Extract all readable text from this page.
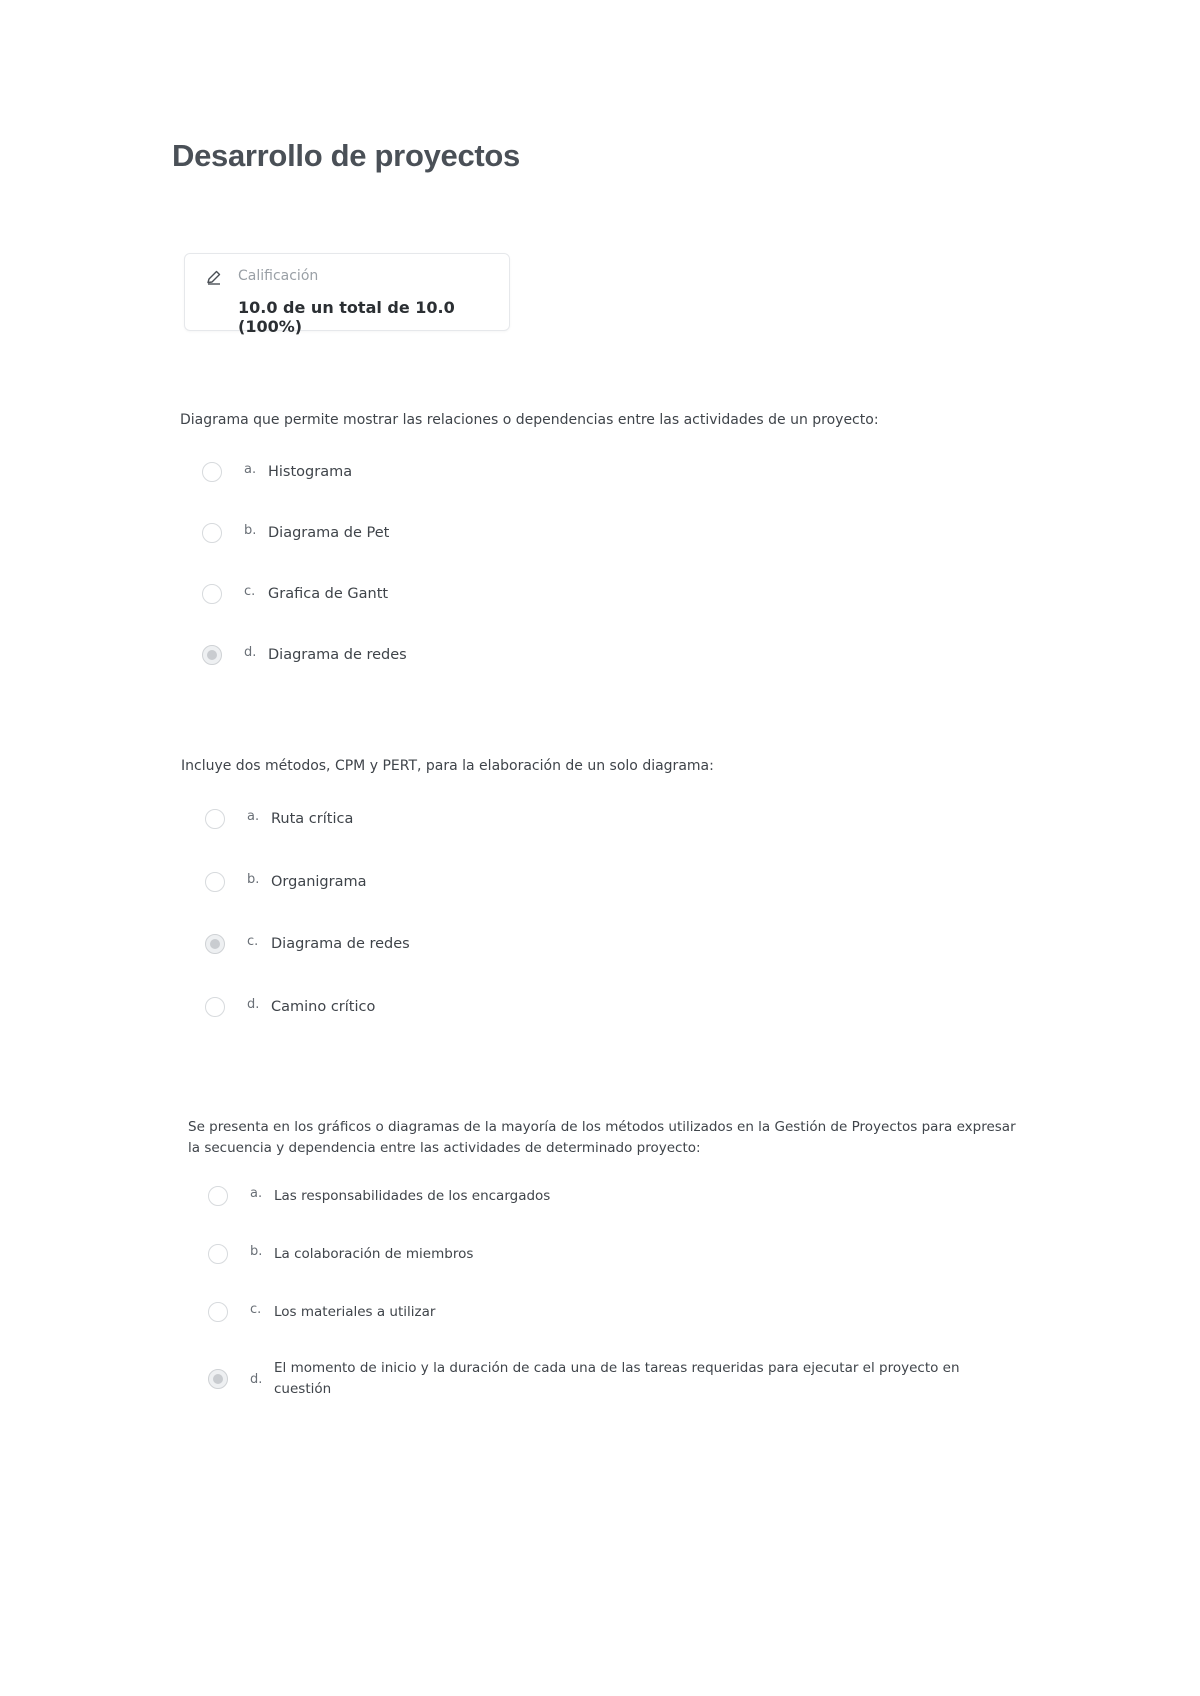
Desarrollo de proyectos
Calificación
10.0 de un total de 10.0 (100%)

Diagrama que permite mostrar las relaciones o dependencias entre las actividades de un proyecto:

a. Histograma
b. Diagrama de Pet
c. Grafica de Gantt
d. Diagrama de redes

Incluye dos métodos, CPM y PERT, para la elaboración de un solo diagrama:

a. Ruta crítica
b. Organigrama
c. Diagrama de redes
d. Camino crítico

Se presenta en los gráficos o diagramas de la mayoría de los métodos utilizados en la Gestión de Proyectos para expresar la secuencia y dependencia entre las actividades de determinado proyecto:

a. Las responsabilidades de los encargados
b. La colaboración de miembros
c. Los materiales a utilizar
d.
El momento de inicio y la duración de cada una de las tareas requeridas para ejecutar el proyecto en cuestión
